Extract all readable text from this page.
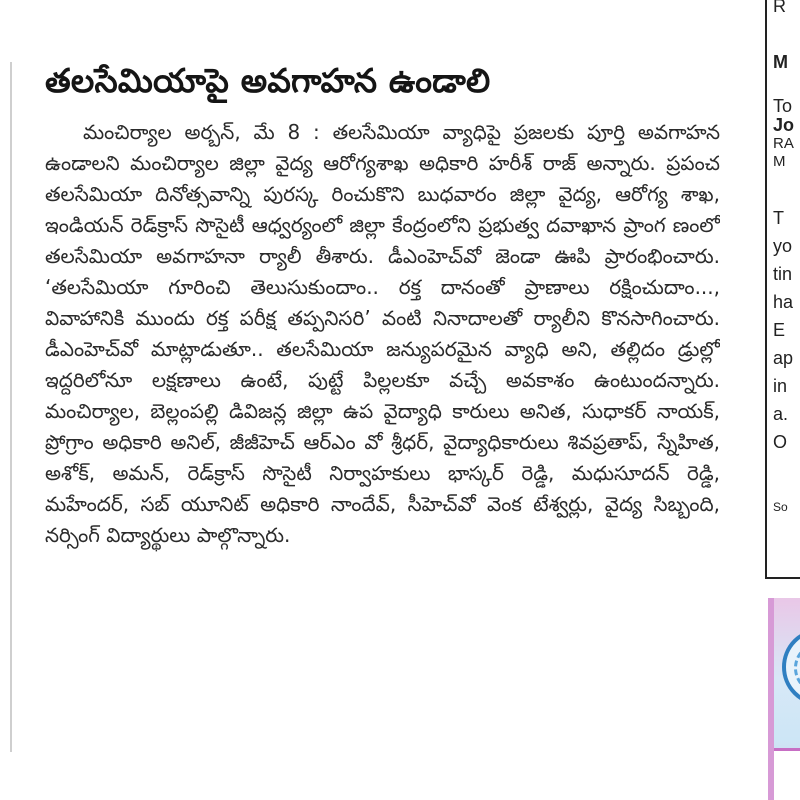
తలసేమియాపై అవగాహన ఉండాలి

మంచిర్యాల అర్బన్‌, మే 8 : తలసేమియా వ్యాధిపై ప్రజలకు పూర్తి అవగాహన ఉండాలని మంచిర్యాల జిల్లా వైద్య ఆరోగ్యశాఖ అధికారి హరీశ్‌ రాజ్‌ అన్నారు. ప్రపంచ తలసేమియా దినోత్సవాన్ని పురస్క రించుకొని బుధవారం జిల్లా వైద్య, ఆరోగ్య శాఖ, ఇండియన్‌ రెడ్‌క్రాస్‌ సొసైటీ ఆధ్వర్యంలో జిల్లా కేంద్రంలోని ప్రభుత్వ దవాఖాన ప్రాంగ ణంలో తలసేమియా అవగాహనా ర్యాలీ తీశారు. డీఎంహెచ్‌వో జెండా ఊపి ప్రారంభించారు. ‘తలసేమియా గూరించి తెలుసుకుందాం.. రక్త దానంతో ప్రాణాలు రక్షించుదాం..., వివాహానికి ముందు రక్త పరీక్ష తప్పనిసరి’ వంటి నినాదాలతో ర్యాలీని కొనసాగించారు. డీఎంహెచ్‌వో మాట్లాడుతూ.. తలసేమియా జన్యుపరమైన వ్యాధి అని, తల్లిదం డ్రుల్లో ఇద్దరిలోనూ లక్షణాలు ఉంటే, పుట్టే పిల్లలకూ వచ్చే అవకాశం ఉంటుందన్నారు. మంచిర్యాల, బెల్లంపల్లి డివిజన్ల జిల్లా ఉప వైద్యాధి కారులు అనిత, సుధాకర్‌ నాయక్‌, ప్రోగ్రాం అధికారి అనిల్‌, జీజీహెచ్‌ ఆర్‌ఎం వో శ్రీధర్‌, వైద్యాధికారులు శివప్రతాప్‌, స్నేహిత, అశోక్‌, అమన్‌, రెడ్‌క్రాస్‌ సొసైటీ నిర్వాహకులు భాస్కర్‌ రెడ్డి, మధుసూదన్‌ రెడ్డి, మహేందర్‌, సబ్‌ యూనిట్‌ అధికారి నాందేవ్‌, సీహెచ్‌వో వెంక టేశ్వర్లు, వైద్య సిబ్బంది, నర్సింగ్‌ విద్యార్థులు పాల్గొన్నారు.

R
M
To
Jo
RA
M
T
yo
tin
ha
E
ap
in
a.
O
So
